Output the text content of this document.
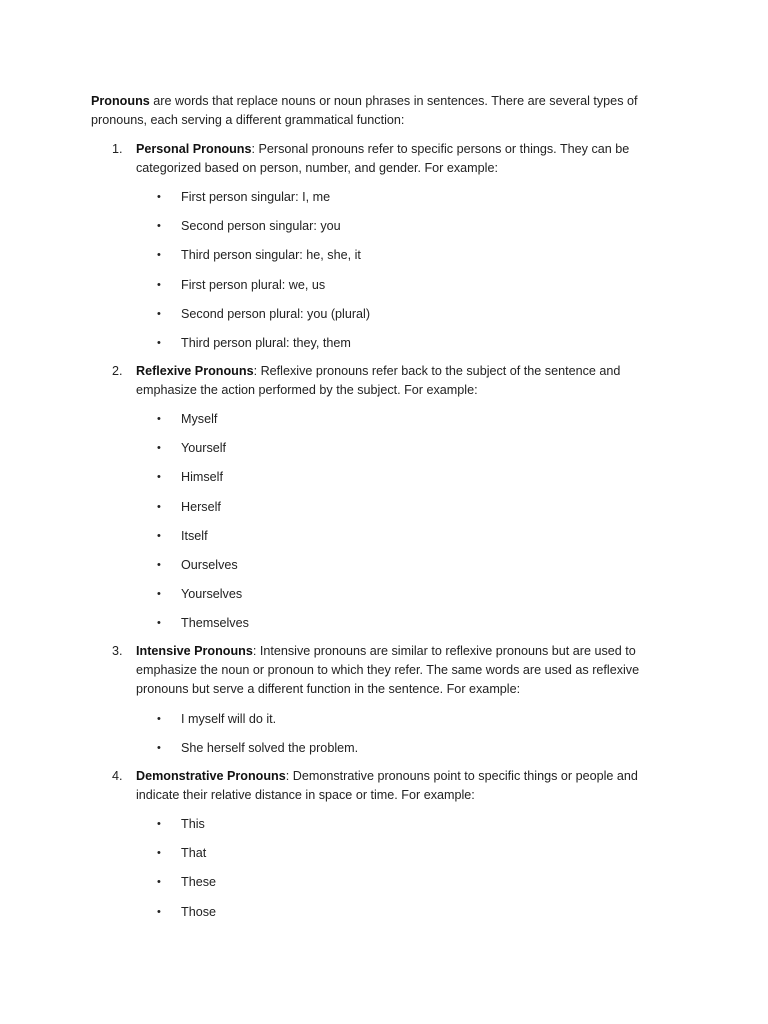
Pronouns are words that replace nouns or noun phrases in sentences. There are several types of pronouns, each serving a different grammatical function:

1. Personal Pronouns: Personal pronouns refer to specific persons or things. They can be categorized based on person, number, and gender. For example:

• First person singular: I, me
• Second person singular: you
• Third person singular: he, she, it
• First person plural: we, us
• Second person plural: you (plural)
• Third person plural: they, them
2. Reflexive Pronouns: Reflexive pronouns refer back to the subject of the sentence and emphasize the action performed by the subject. For example:

• Myself
• Yourself
• Himself
• Herself
• Itself
• Ourselves
• Yourselves
• Themselves
3. Intensive Pronouns: Intensive pronouns are similar to reflexive pronouns but are used to emphasize the noun or pronoun to which they refer. The same words are used as reflexive pronouns but serve a different function in the sentence. For example:

• I myself will do it.
• She herself solved the problem.
4. Demonstrative Pronouns: Demonstrative pronouns point to specific things or people and indicate their relative distance in space or time. For example:

• This
• That
• These
• Those
